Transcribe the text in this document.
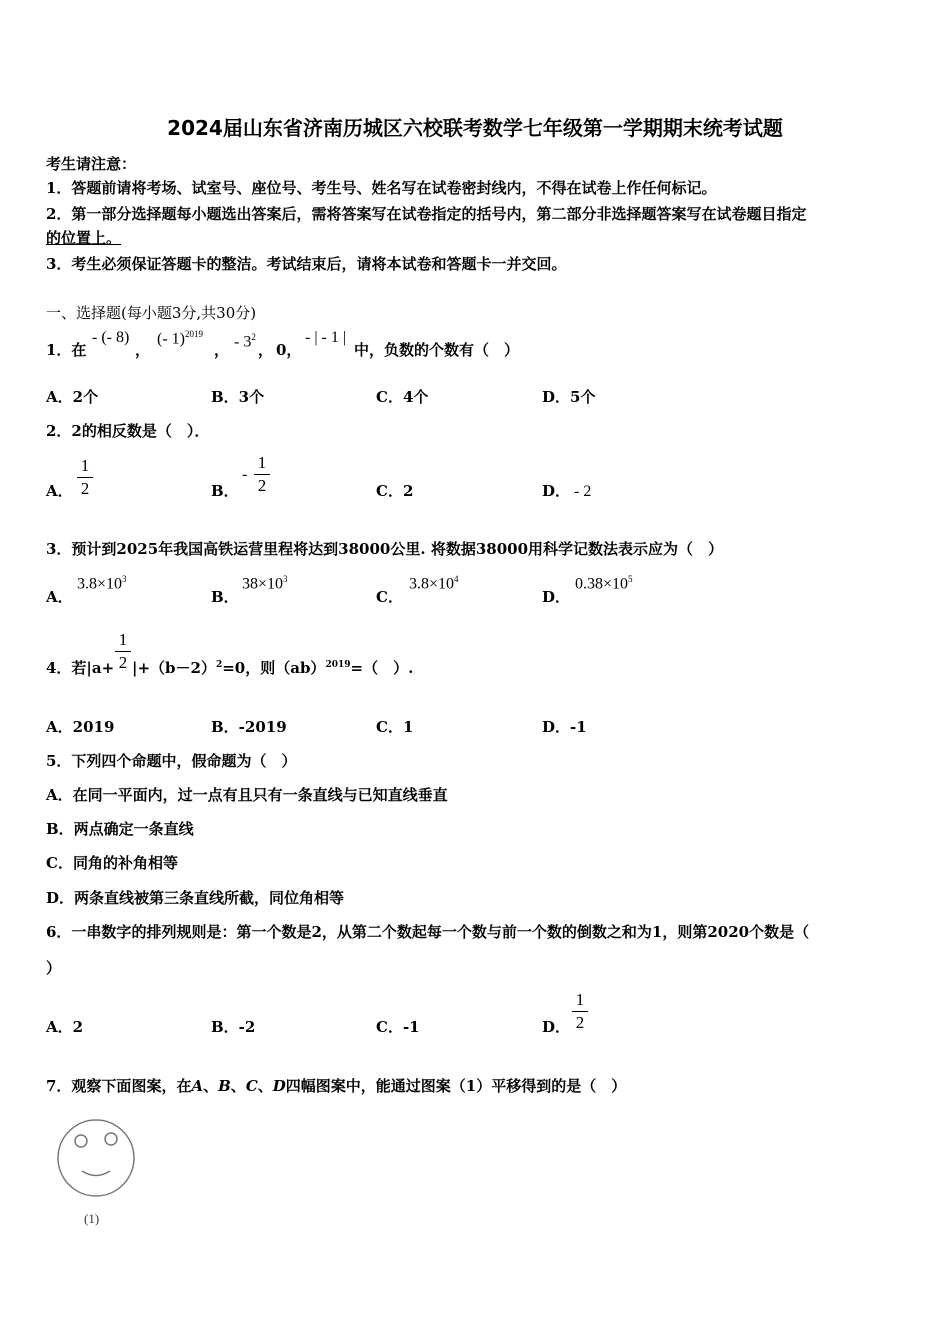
2024届山东省济南历城区六校联考数学七年级第一学期期末统考试题
考生请注意：
1．答题前请将考场、试室号、座位号、考生号、姓名写在试卷密封线内，不得在试卷上作任何标记。
2．第一部分选择题每小题选出答案后，需将答案写在试卷指定的括号内，第二部分非选择题答案写在试卷题目指定
的位置上。
3．考生必须保证答题卡的整洁。考试结束后，请将本试卷和答题卡一并交回。
一、选择题(每小题3分,共30分)
1．在
- (- 8)
，
(- 1)$^{2019}$
， - $3^2$
， 0，
- | - 1 |
中，负数的个数有（　）
A．2个	B．3个	C．4个	D．5个
2．2的相反数是（　）．
A．
1
2	B．
-
1
2	C．2	D． - 2
3．预计到2025年我国高铁运营里程将达到38000公里. 将数据38000用科学记数法表示应为（　）
A．
$3.8\times 10^3$
B．
$38\times 10^3$
C．
$3.8\times 10^4$
D．
$0.38\times 10^5$
4．若|a+
1
2 $|+(b-2)^2=0$，则（ab）$^{2019}$=（　）.
A．2019	B．-2019	C．1	D．-1
5．下列四个命题中，假命题为（　）
A．在同一平面内，过一点有且只有一条直线与已知直线垂直
B．两点确定一条直线
C．同角的补角相等
D．两条直线被第三条直线所截，同位角相等
6．一串数字的排列规则是：第一个数是2，从第二个数起每一个数与前一个数的倒数之和为1，则第2020个数是（
）
A．2	B．-2	C．-1	D．
1
2
7．观察下面图案，在A、B、C、D四幅图案中，能通过图案（1）平移得到的是（　）
(1)
